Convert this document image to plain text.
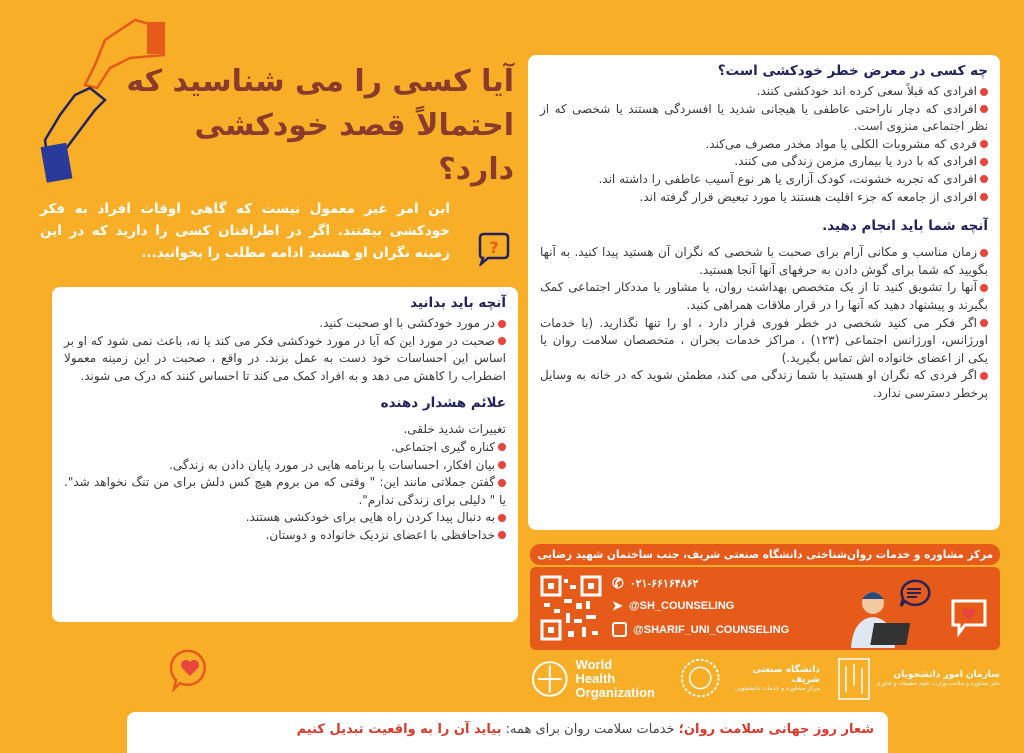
آیا کسی را می شناسید که
احتمالاً قصد خودکشی دارد؟
این امر غیر معمول نیست که گاهی اوقات افراد به فکر خودکشی بیفتند. اگر در اطرافتان کسی را دارید که در این زمینه نگران او هستید ادامه مطلب را بخوانید... ?
چه کسی در معرض خطر خودکشی است؟
افرادی که قبلاً سعی کرده اند خودکشی کنند.
افرادی که دچار ناراحتی عاطفی یا هیجانی شدید یا افسردگی هستند یا شخصی که از نظر اجتماعی منزوی است.
فردی که مشروبات الکلی یا مواد مخدر مصرف می‌کند.
افرادی که با درد یا بیماری مزمن زندگی می کنند.
افرادی که تجربه خشونت، کودک آزاری یا هر نوع آسیب عاطفی را داشته اند.
افرادی از جامعه که جزء اقلیت هستند یا مورد تبعیض قرار گرفته اند.
آنچه شما باید انجام دهید.
زمان مناسب و مکانی آرام برای صحبت با شخصی که نگران آن هستید پیدا کنید. به آنها بگویید که شما برای گوش دادن به حرفهای آنها آنجا هستید.
آنها را تشویق کنید تا از یک متخصص بهداشت روان، یا مشاور یا مددکار اجتماعی کمک بگیرند و پیشنهاد دهید که آنها را در قرار ملاقات همراهی کنید.
اگر فکر می کنید شخصی در خطر فوری قرار دارد ، او را تنها نگذارید. (با خدمات اورژانس، اورژانس اجتماعی (۱۲۳) ، مراکز خدمات بحران ، متخصصان سلامت روان یا یکی از اعضای خانواده اش تماس بگیرید.)
اگر فردی که نگران او هستید با شما زندگی می کند، مطمئن شوید که در خانه به وسایل پرخطر دسترسی ندارد.
آنچه باید بدانید
در مورد خودکشی با او صحبت کنید.
صحبت در مورد این که آیا در مورد خودکشی فکر می کند یا نه، باعث نمی شود که او بر اساس این احساسات خود دست به عمل بزند. در واقع ، صحبت در این زمینه معمولا اضطراب را کاهش می دهد و به افراد کمک می کند تا احساس کنند که درک می شوند.
علائم هشدار دهنده
تغییرات شدید خلقی.
کناره گیری اجتماعی.
بیان افکار، احساسات یا برنامه هایی در مورد پایان دادن به زندگی.
گفتن جملاتی مانند این: " وقتی که من بروم هیچ کس دلش برای من تنگ نخواهد شد". یا " دلیلی برای زندگی ندارم".
به دنبال پیدا کردن راه هایی برای خودکشی هستند.
خداحافظی با اعضای نزدیک خانواده و دوستان.
✆ ۰۲۱-۶۶۱۶۴۸۶۲
➤ @SH_COUNSELING
@SHARIF_UNI_COUNSELING
مرکز مشاوره و خدمات روان‌شناختی دانشگاه صنعتی شریف، جنب ساختمان شهید رضایی
World Health Organization
دانشگاه صنعتی شریف
مرکز مشاوره و خدمات دانشجویی
سازمان امور دانشجویان
دفتر مشاوره و سلامت وزارت علوم تحقیقات و فناوری
شعار روز جهانی سلامت روان؛ خدمات سلامت روان برای همه: بیاید آن را به واقعیت تبدیل کنیم
